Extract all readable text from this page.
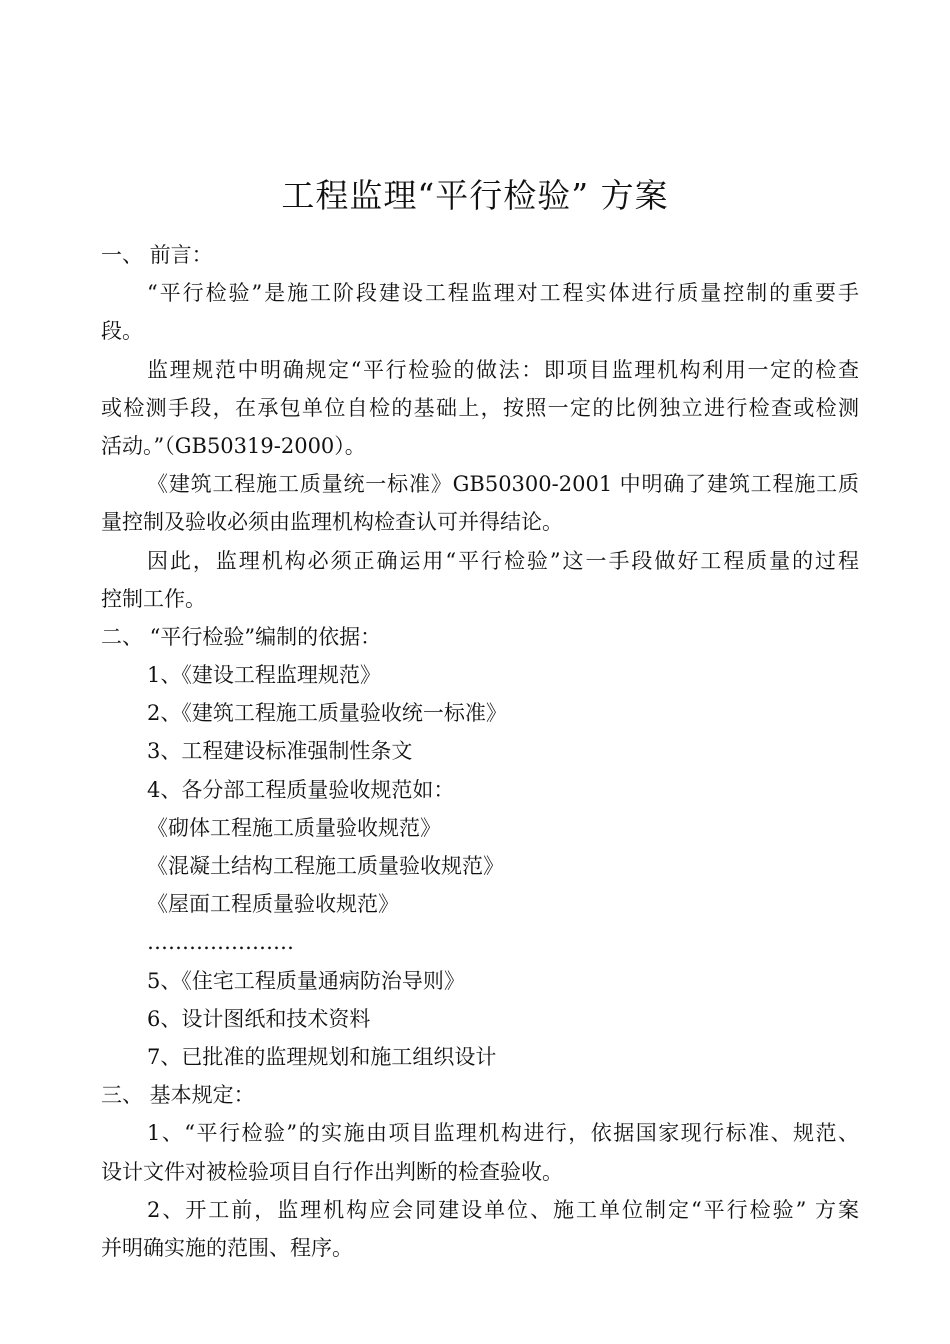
工程监理“平行检验” 方案
一、 前言：
“平行检验”是施工阶段建设工程监理对工程实体进行质量控制的重要手
段。
监理规范中明确规定“平行检验的做法：即项目监理机构利用一定的检查
或检测手段，在承包单位自检的基础上，按照一定的比例独立进行检查或检测
活动。”（GB50319-2000）。
《建筑工程施工质量统一标准》GB50300-2001 中明确了建筑工程施工质
量控制及验收必须由监理机构检查认可并得结论。
因此，监理机构必须正确运用“平行检验”这一手段做好工程质量的过程
控制工作。
二、 “平行检验”编制的依据：
1、《建设工程监理规范》
2、《建筑工程施工质量验收统一标准》
3、工程建设标准强制性条文
4、各分部工程质量验收规范如：
《砌体工程施工质量验收规范》
《混凝土结构工程施工质量验收规范》
《屋面工程质量验收规范》
…………………
5、《住宅工程质量通病防治导则》
6、设计图纸和技术资料
7、已批准的监理规划和施工组织设计
三、 基本规定：
1、“平行检验”的实施由项目监理机构进行，依据国家现行标准、规范、
设计文件对被检验项目自行作出判断的检查验收。
2、开工前，监理机构应会同建设单位、施工单位制定“平行检验” 方案
并明确实施的范围、程序。
